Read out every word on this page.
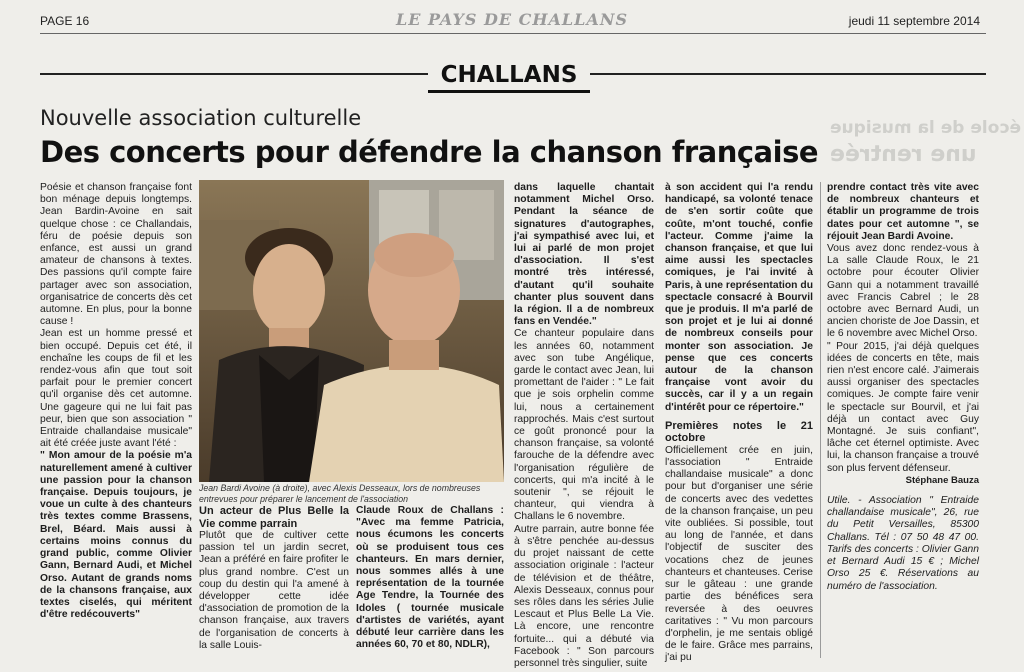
école de la musique
une rentrée
PAGE 16	LE PAYS DE CHALLANS	jeudi 11 septembre 2014
CHALLANS
Nouvelle association culturelle
Des concerts pour défendre la chanson française

Poésie et chanson française font bon ménage depuis longtemps. Jean Bardin-Avoine en sait quelque chose : ce Challandais, féru de poésie depuis son enfance, est aussi un grand amateur de chansons à textes. Des passions qu'il compte faire partager avec son association, organisatrice de concerts dès cet automne. En plus, pour la bonne cause !

Jean est un homme pressé et bien occupé. Depuis cet été, il enchaîne les coups de fil et les rendez-vous afin que tout soit parfait pour le premier concert qu'il organise dès cet automne. Une gageure qui ne lui fait pas peur, bien que son association " Entraide challandaise musicale" ait été créée juste avant l'été :

" Mon amour de la poésie m'a naturellement amené à cultiver une passion pour la chanson française. Depuis toujours, je voue un culte à des chanteurs très textes comme Brassens, Brel, Béard. Mais aussi à certains moins connus du grand public, comme Olivier Gann, Bernard Audi, et Michel Orso. Autant de grands noms de la chansons française, aux textes ciselés, qui méritent d'être redécouverts"

Jean Bardi Avoine (à droite), avec Alexis Desseaux, lors de nombreuses entrevues pour préparer le lancement de l'association

Un acteur de Plus Belle la Vie comme parrain

Plutôt que de cultiver cette passion tel un jardin secret, Jean a préféré en faire profiter le plus grand nombre. C'est un coup du destin qui l'a amené à développer cette idée d'association de promotion de la chanson française, aux travers de l'organisation de concerts à la salle Louis-

Claude Roux de Challans : "Avec ma femme Patricia, nous écumons les concerts où se produisent tous ces chanteurs. En mars dernier, nous sommes allés à une représentation de la tournée Age Tendre, la Tournée des Idoles ( tournée musicale d'artistes de variétés, ayant débuté leur carrière dans les années 60, 70 et 80, NDLR),

dans laquelle chantait notamment Michel Orso. Pendant la séance de signatures d'autographes, j'ai sympathisé avec lui, et lui ai parlé de mon projet d'association. Il s'est montré très intéressé, d'autant qu'il souhaite chanter plus souvent dans la région. Il a de nombreux fans en Vendée."

Ce chanteur populaire dans les années 60, notamment avec son tube Angélique, garde le contact avec Jean, lui promettant de l'aider : " Le fait que je sois orphelin comme lui, nous a certainement rapprochés. Mais c'est surtout ce goût prononcé pour la chanson française, sa volonté farouche de la défendre avec l'organisation régulière de concerts, qui m'a incité à le soutenir ", se réjouit le chanteur, qui viendra à Challans le 6 novembre.

Autre parrain, autre bonne fée à s'être penchée au-dessus du projet naissant de cette association originale : l'acteur de télévision et de théâtre, Alexis Desseaux, connus pour ses rôles dans les séries Julie Lescaut et Plus Belle La Vie. Là encore, une rencontre fortuite... qui a débuté via Facebook : " Son parcours personnel très singulier, suite

à son accident qui l'a rendu handicapé, sa volonté tenace de s'en sortir coûte que coûte, m'ont touché, confie l'acteur. Comme j'aime la chanson française, et que lui aime aussi les spectacles comiques, je l'ai invité à Paris, à une représentation du spectacle consacré à Bourvil que je produis. Il m'a parlé de son projet et je lui ai donné de nombreux conseils pour monter son association. Je pense que ces concerts autour de la chanson française vont avoir du succès, car il y a un regain d'intérêt pour ce répertoire."

Premières notes le 21 octobre

Officiellement crée en juin, l'association " Entraide challandaise musicale" a donc pour but d'organiser une série de concerts avec des vedettes de la chanson française, un peu vite oubliées. Si possible, tout au long de l'année, et dans l'objectif de susciter des vocations chez de jeunes chanteurs et chanteuses. Cerise sur le gâteau : une grande partie des bénéfices sera reversée à des oeuvres caritatives : " Vu mon parcours d'orphelin, je me sentais obligé de le faire. Grâce mes parrains, j'ai pu

prendre contact très vite avec de nombreux chanteurs et établir un programme de trois dates pour cet automne ", se réjouit Jean Bardi Avoine.

Vous avez donc rendez-vous à La salle Claude Roux, le 21 octobre pour écouter Olivier Gann qui a notamment travaillé avec Francis Cabrel ; le 28 octobre avec Bernard Audi, un ancien choriste de Joe Dassin, et le 6 novembre avec Michel Orso.

" Pour 2015, j'ai déjà quelques idées de concerts en tête, mais rien n'est encore calé. J'aimerais aussi organiser des spectacles comiques. Je compte faire venir le spectacle sur Bourvil, et j'ai déjà un contact avec Guy Montagné. Je suis confiant", lâche cet éternel optimiste. Avec lui, la chanson française a trouvé son plus fervent défenseur.

Stéphane Bauza

Utile. - Association " Entraide challandaise musicale", 26, rue du Petit Versailles, 85300 Challans. Tél : 07 50 48 47 00. Tarifs des concerts : Olivier Gann et Bernard Audi 15 € ; Michel Orso 25 €. Réservations au numéro de l'association.
